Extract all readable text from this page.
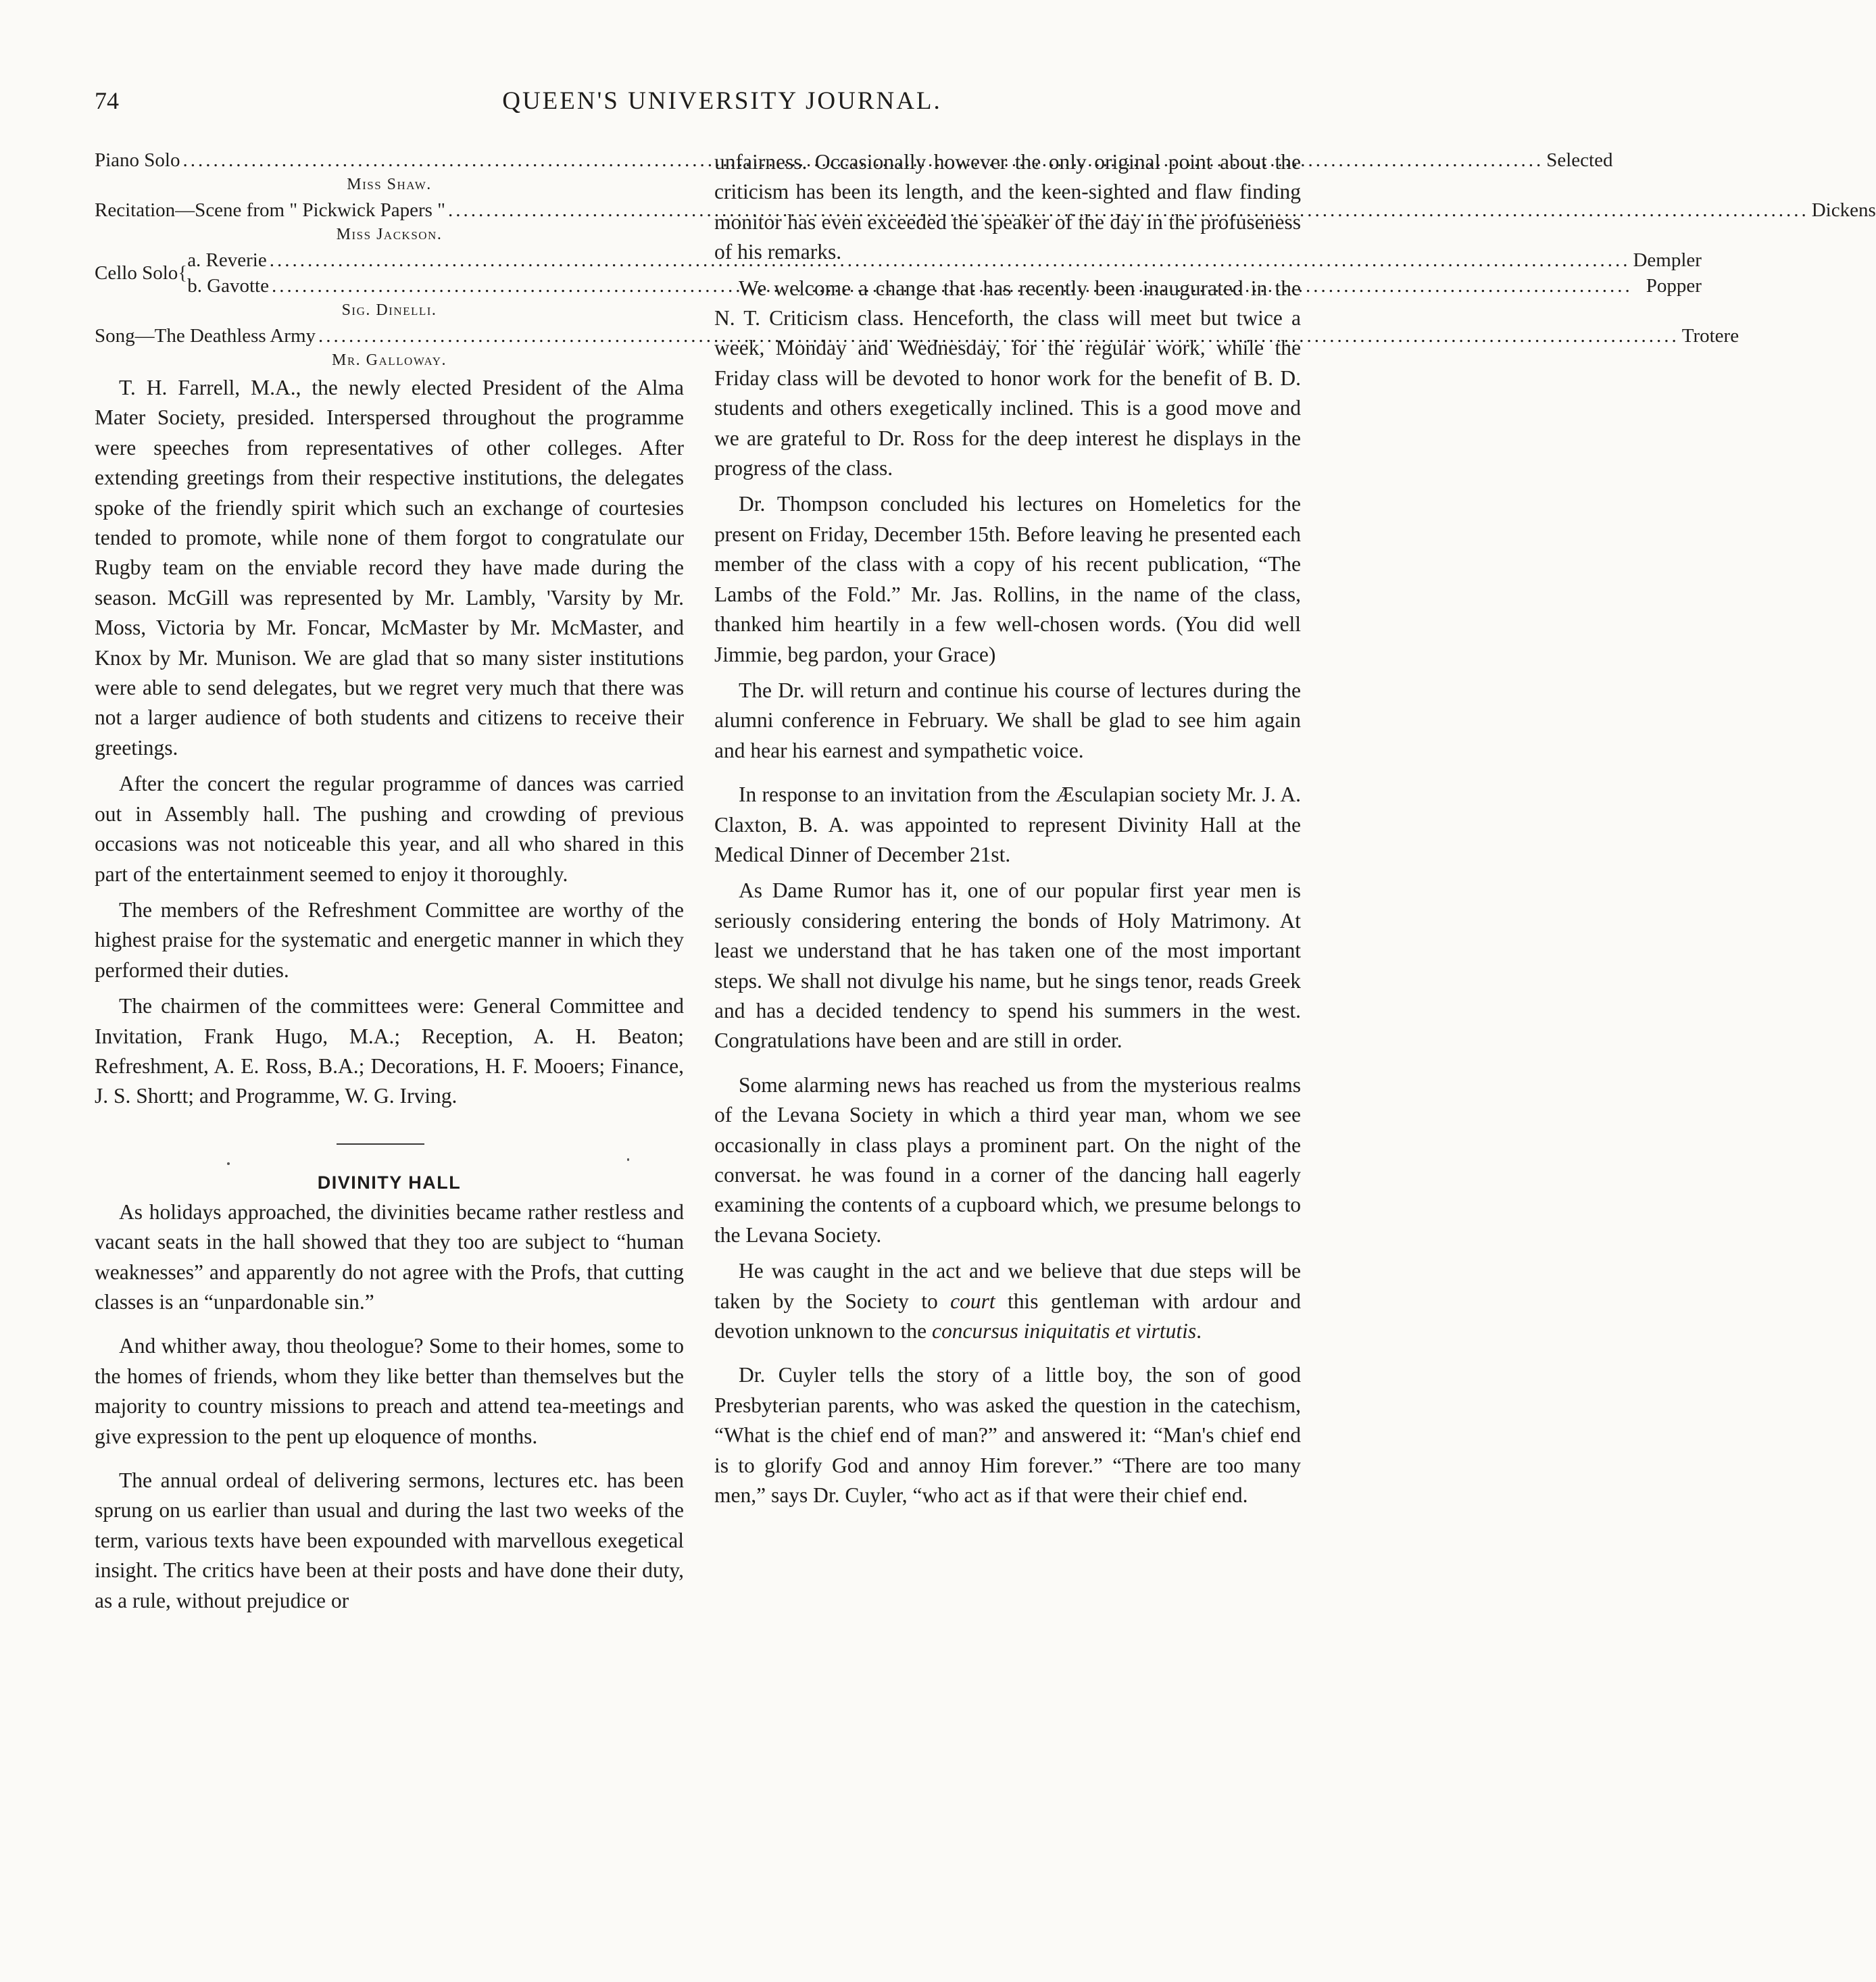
74	QUEEN'S UNIVERSITY JOURNAL.
Piano Solo .....	Selected
Miss Shaw.
Recitation—Scene from " Pickwick Papers " .....	Dickens
Miss Jackson.
Cello Solo {
a. Reverie .....	Dempler
b. Gavotte .....	Popper
Sig. Dinelli.
Song—The Deathless Army .....	Trotere
Mr. Galloway.

T. H. Farrell, M.A., the newly elected President of the Alma Mater Society, presided. Interspersed throughout the programme were speeches from representatives of other colleges. After extending greetings from their respective institutions, the delegates spoke of the friendly spirit which such an exchange of courtesies tended to promote, while none of them forgot to congratulate our Rugby team on the enviable record they have made during the season. McGill was represented by Mr. Lambly, 'Varsity by Mr. Moss, Victoria by Mr. Foncar, McMaster by Mr. McMaster, and Knox by Mr. Munison. We are glad that so many sister institutions were able to send delegates, but we regret very much that there was not a larger audience of both students and citizens to receive their greetings.

After the concert the regular programme of dances was carried out in Assembly hall. The pushing and crowding of previous occasions was not noticeable this year, and all who shared in this part of the entertainment seemed to enjoy it thoroughly.

The members of the Refreshment Committee are worthy of the highest praise for the systematic and energetic manner in which they performed their duties.

The chairmen of the committees were: General Committee and Invitation, Frank Hugo, M.A.; Reception, A. H. Beaton; Refreshment, A. E. Ross, B.A.; Decorations, H. F. Mooers; Finance, J. S. Shortt; and Programme, W. G. Irving.

DIVINITY HALL

As holidays approached, the divinities became rather restless and vacant seats in the hall showed that they too are subject to “human weaknesses” and apparently do not agree with the Profs, that cutting classes is an “unpardonable sin.”

And whither away, thou theologue? Some to their homes, some to the homes of friends, whom they like better than themselves but the majority to country missions to preach and attend tea-meetings and give expression to the pent up eloquence of months.

The annual ordeal of delivering sermons, lectures etc. has been sprung on us earlier than usual and during the last two weeks of the term, various texts have been expounded with marvellous exegetical insight. The critics have been at their posts and have done their duty, as a rule, without prejudice or

unfairness. Occasionally however the only original point about the criticism has been its length, and the keen-sighted and flaw finding monitor has even exceeded the speaker of the day in the profuseness of his remarks.

We welcome a change that has recently been inaugurated in the N. T. Criticism class. Henceforth, the class will meet but twice a week, Monday and Wednesday, for the regular work, while the Friday class will be devoted to honor work for the benefit of B. D. students and others exegetically inclined. This is a good move and we are grateful to Dr. Ross for the deep interest he displays in the progress of the class.

Dr. Thompson concluded his lectures on Homeletics for the present on Friday, December 15th. Before leaving he presented each member of the class with a copy of his recent publication, “The Lambs of the Fold.” Mr. Jas. Rollins, in the name of the class, thanked him heartily in a few well-chosen words. (You did well Jimmie, beg pardon, your Grace)

The Dr. will return and continue his course of lectures during the alumni conference in February. We shall be glad to see him again and hear his earnest and sympathetic voice.

In response to an invitation from the Æsculapian society Mr. J. A. Claxton, B. A. was appointed to represent Divinity Hall at the Medical Dinner of December 21st.

As Dame Rumor has it, one of our popular first year men is seriously considering entering the bonds of Holy Matrimony. At least we understand that he has taken one of the most important steps. We shall not divulge his name, but he sings tenor, reads Greek and has a decided tendency to spend his summers in the west. Congratulations have been and are still in order.

Some alarming news has reached us from the mysterious realms of the Levana Society in which a third year man, whom we see occasionally in class plays a prominent part. On the night of the conversat. he was found in a corner of the dancing hall eagerly examining the contents of a cupboard which, we presume belongs to the Levana Society.

He was caught in the act and we believe that due steps will be taken by the Society to court this gentleman with ardour and devotion unknown to the concursus iniquitatis et virtutis.

Dr. Cuyler tells the story of a little boy, the son of good Presbyterian parents, who was asked the question in the catechism, “What is the chief end of man?” and answered it: “Man's chief end is to glorify God and annoy Him forever.” “There are too many men,” says Dr. Cuyler, “who act as if that were their chief end.
